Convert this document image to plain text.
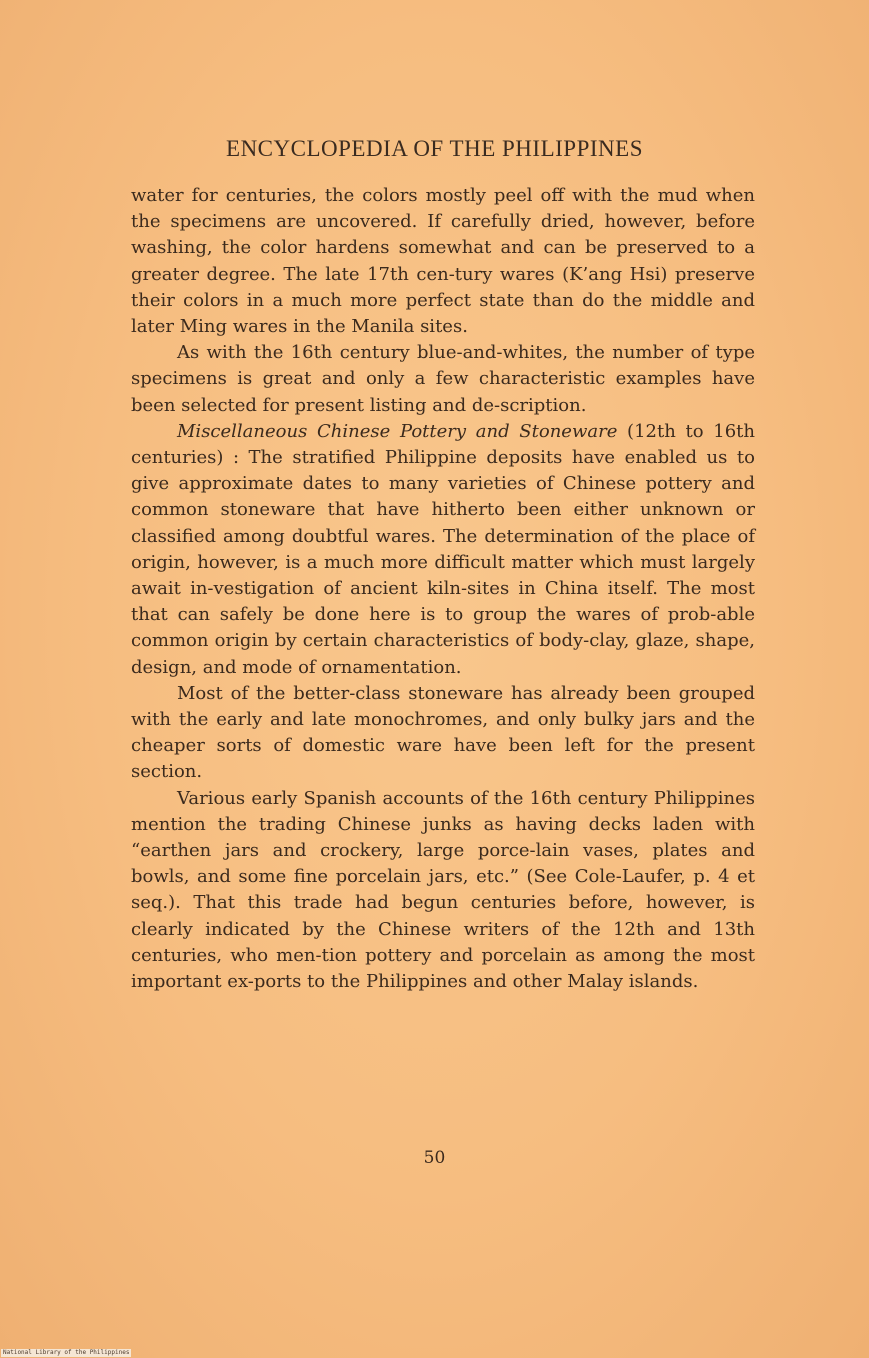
ENCYCLOPEDIA OF THE PHILIPPINES

water for centuries, the colors mostly peel off with the mud when the specimens are uncovered. If carefully dried, however, before washing, the color hardens somewhat and can be preserved to a greater degree. The late 17th cen-tury wares (K’ang Hsi) preserve their colors in a much more perfect state than do the middle and later Ming wares in the Manila sites.

As with the 16th century blue-and-whites, the number of type specimens is great and only a few characteristic examples have been selected for present listing and de-scription.

Miscellaneous Chinese Pottery and Stoneware (12th to 16th centuries) : The stratified Philippine deposits have enabled us to give approximate dates to many varieties of Chinese pottery and common stoneware that have hitherto been either unknown or classified among doubtful wares. The determination of the place of origin, however, is a much more difficult matter which must largely await in-vestigation of ancient kiln-sites in China itself. The most that can safely be done here is to group the wares of prob-able common origin by certain characteristics of body-clay, glaze, shape, design, and mode of ornamentation.

Most of the better-class stoneware has already been grouped with the early and late monochromes, and only bulky jars and the cheaper sorts of domestic ware have been left for the present section.

Various early Spanish accounts of the 16th century Philippines mention the trading Chinese junks as having decks laden with “earthen jars and crockery, large porce-lain vases, plates and bowls, and some fine porcelain jars, etc.” (See Cole-Laufer, p. 4 et seq.). That this trade had begun centuries before, however, is clearly indicated by the Chinese writers of the 12th and 13th centuries, who men-tion pottery and porcelain as among the most important ex-ports to the Philippines and other Malay islands.

50
National Library of the Philippines
